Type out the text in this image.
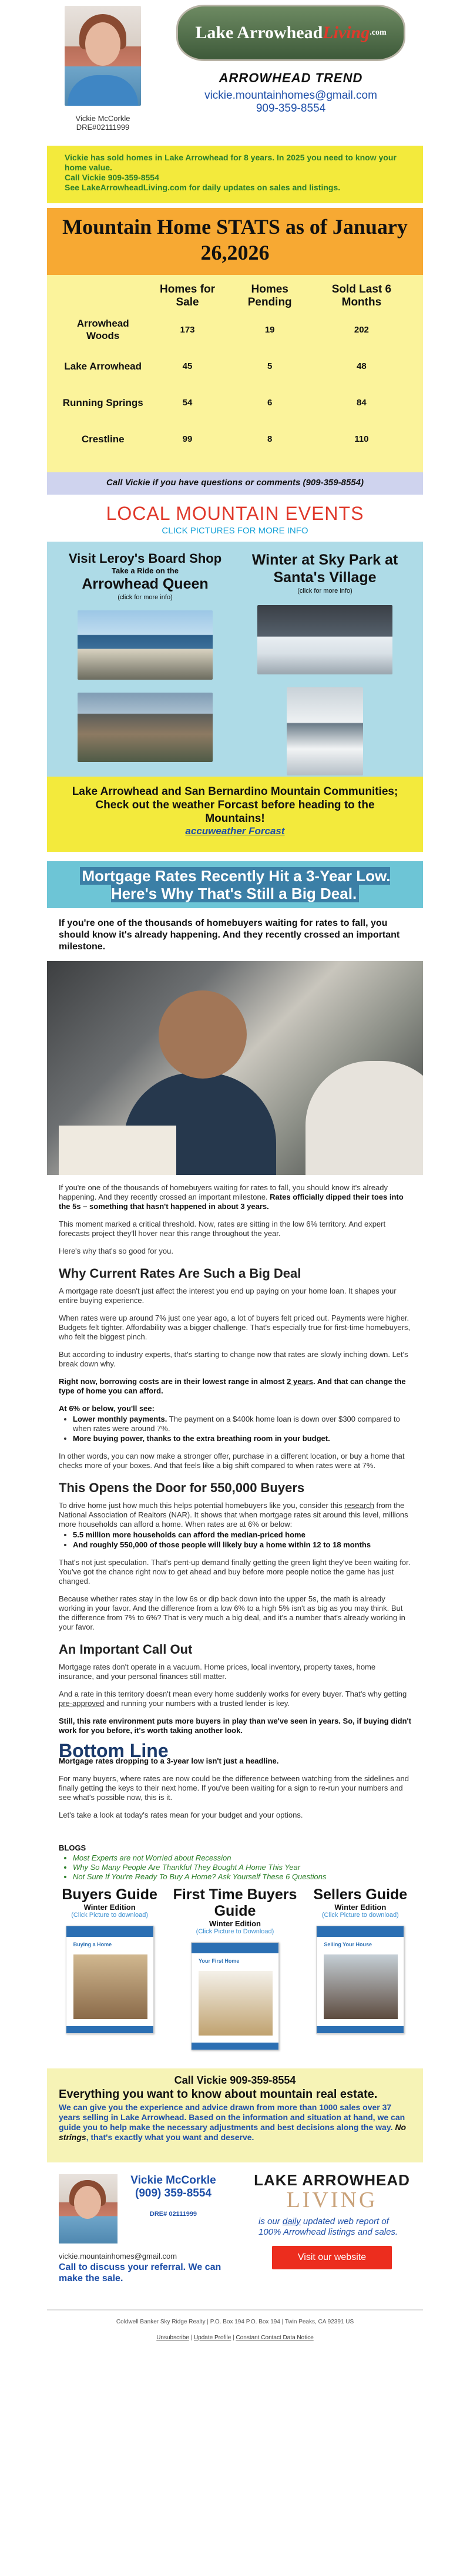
Vickie McCorkle
DRE#02111999
Lake Arrowhead Living .com
ARROWHEAD TREND
vickie.mountainhomes@gmail.com
909-359-8554
Vickie has sold homes in Lake Arrowhead for 8 years. In 2025 you need to know your home value.
Call Vickie 909-359-8554
See LakeArrowheadLiving.com for daily updates on sales and listings.
Mountain Home STATS as of January 26,2026
	Homes for Sale	Homes Pending	Sold Last 6 Months
Arrowhead Woods	173	19	202
Lake Arrowhead	45	5	48
Running Springs	54	6	84
Crestline	99	8	110
Call Vickie if you have questions or comments (909-359-8554)
LOCAL MOUNTAIN EVENTS
CLICK PICTURES FOR MORE INFO
Visit Leroy's Board Shop
Take a Ride on the
Arrowhead Queen
(click for more info)
Winter at Sky Park at Santa's Village
(click for more info)
Lake Arrowhead and San Bernardino Mountain Communities; Check out the weather Forcast before heading to the Mountains!
accuweather Forcast
Mortgage Rates Recently Hit a 3-Year Low. Here's Why That's Still a Big Deal.
If you're one of the thousands of homebuyers waiting for rates to fall, you should know it's already happening. And they recently crossed an important milestone.

If you're one of the thousands of homebuyers waiting for rates to fall, you should know it's already happening. And they recently crossed an important milestone. Rates officially dipped their toes into the 5s – something that hasn't happened in about 3 years.

This moment marked a critical threshold. Now, rates are sitting in the low 6% territory. And expert forecasts project they'll hover near this range throughout the year.

Here's why that's so good for you.

Why Current Rates Are Such a Big Deal

A mortgage rate doesn't just affect the interest you end up paying on your home loan. It shapes your entire buying experience.

When rates were up around 7% just one year ago, a lot of buyers felt priced out. Payments were higher. Budgets felt tighter. Affordability was a bigger challenge. That's especially true for first-time homebuyers, who felt the biggest pinch.

But according to industry experts, that's starting to change now that rates are slowly inching down. Let's break down why.

Right now, borrowing costs are in their lowest range in almost 2 years. And that can change the type of home you can afford.

At 6% or below, you'll see:

• Lower monthly payments. The payment on a $400k home loan is down over $300 compared to when rates were around 7%.
• More buying power, thanks to the extra breathing room in your budget.

In other words, you can now make a stronger offer, purchase in a different location, or buy a home that checks more of your boxes. And that feels like a big shift compared to when rates were at 7%.

This Opens the Door for 550,000 Buyers

To drive home just how much this helps potential homebuyers like you, consider this research from the National Association of Realtors (NAR). It shows that when mortgage rates sit around this level, millions more households can afford a home. When rates are at 6% or below:

• 5.5 million more households can afford the median-priced home
• And roughly 550,000 of those people will likely buy a home within 12 to 18 months

That's not just speculation. That's pent-up demand finally getting the green light they've been waiting for. You've got the chance right now to get ahead and buy before more people notice the game has just changed.

Because whether rates stay in the low 6s or dip back down into the upper 5s, the math is already working in your favor. And the difference from a low 6% to a high 5% isn't as big as you may think. But the difference from 7% to 6%? That is very much a big deal, and it's a number that's already working in your favor.

An Important Call Out

Mortgage rates don't operate in a vacuum. Home prices, local inventory, property taxes, home insurance, and your personal finances still matter.

And a rate in this territory doesn't mean every home suddenly works for every buyer. That's why getting pre-approved and running your numbers with a trusted lender is key.

Still, this rate environment puts more buyers in play than we've seen in years. So, if buying didn't work for you before, it's worth taking another look.

Bottom Line

Mortgage rates dropping to a 3-year low isn't just a headline.

For many buyers, where rates are now could be the difference between watching from the sidelines and finally getting the keys to their next home. If you've been waiting for a sign to re-run your numbers and see what's possible now, this is it.

Let's take a look at today's rates mean for your budget and your options.

BLOGS
• Most Experts are not Worried about Recession
• Why So Many People Are Thankful They Bought A Home This Year
• Not Sure If You're Ready To Buy A Home? Ask Yourself These 6 Questions
Buyers Guide
Winter Edition
(Click Picture to download)
Buying a Home
First Time Buyers Guide
Winter Edition
(Click Picture to Download)
Your First Home
Sellers Guide
Winter Edition
(Click Picture to download)
Selling Your House
Call Vickie 909-359-8554
Everything you want to know about mountain real estate.
We can give you the experience and advice drawn from more than 1000 sales over 37 years selling in Lake Arrowhead. Based on the information and situation at hand, we can guide you to help make the necessary adjustments and best decisions along the way. No strings, that's exactly what you want and deserve.
Vickie McCorkle
(909) 359-8554
DRE# 02111999
vickie.mountainhomes@gmail.com
Call to discuss your referral. We can make the sale.
LAKE ARROWHEAD
LIVING
is our daily updated web report of 100% Arrowhead listings and sales.
Visit our website
Coldwell Banker Sky Ridge Realty | P.O. Box 194 P.O. Box 194 | Twin Peaks, CA 92391 US
Unsubscribe | Update Profile | Constant Contact Data Notice
